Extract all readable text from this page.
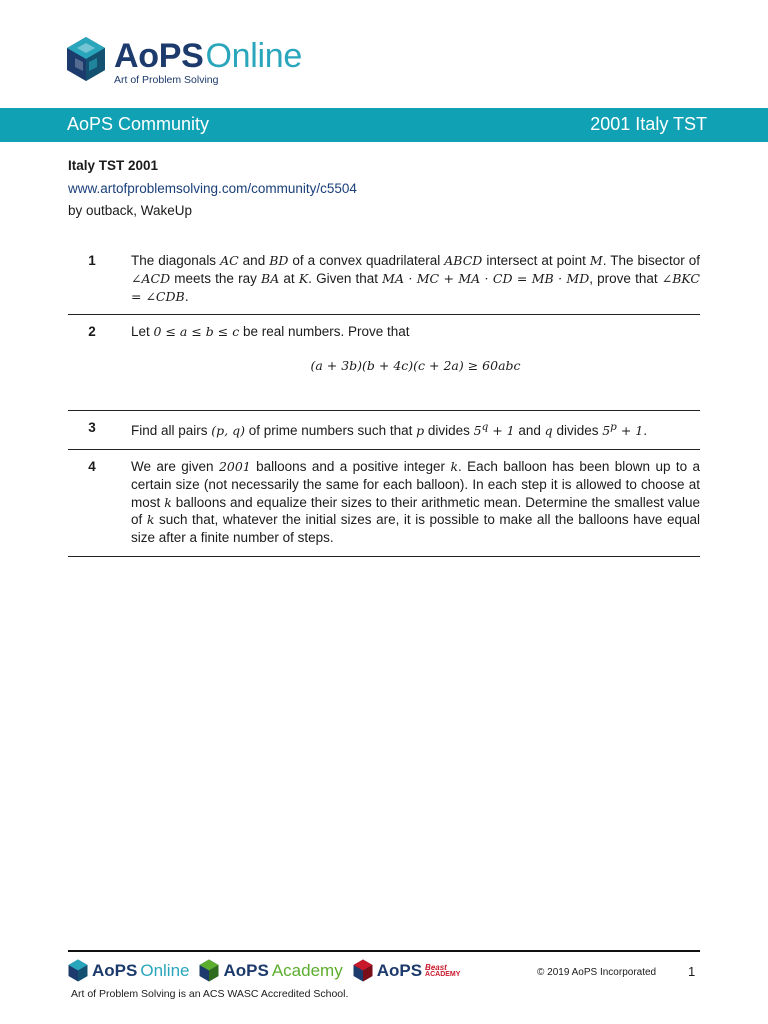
AoPSOnline
Art of Problem Solving
AoPS Community	2001 Italy TST
Italy TST 2001
www.artofproblemsolving.com/community/c5504
by outback, WakeUp
1	The diagonals AC and BD of a convex quadrilateral ABCD intersect at point M. The bisector of ∠ACD meets the ray BA at K. Given that MA · MC + MA · CD = MB · MD, prove that ∠BKC = ∠CDB.
2	Let 0 ≤ a ≤ b ≤ c be real numbers. Prove that
(a + 3b)(b + 4c)(c + 2a) ≥ 60abc
3	Find all pairs (p, q) of prime numbers such that p divides $5^q + 1$ and q divides $5^p + 1$.
4	We are given 2001 balloons and a positive integer k. Each balloon has been blown up to a certain size (not necessarily the same for each balloon). In each step it is allowed to choose at most k balloons and equalize their sizes to their arithmetic mean. Determine the smallest value of k such that, whatever the initial sizes are, it is possible to make all the balloons have equal size after a finite number of steps.
AoPS Online AoPS Academy AoPS Beast
ACADEMY	© 2019 AoPS Incorporated 1
Art of Problem Solving is an ACS WASC Accredited School.
